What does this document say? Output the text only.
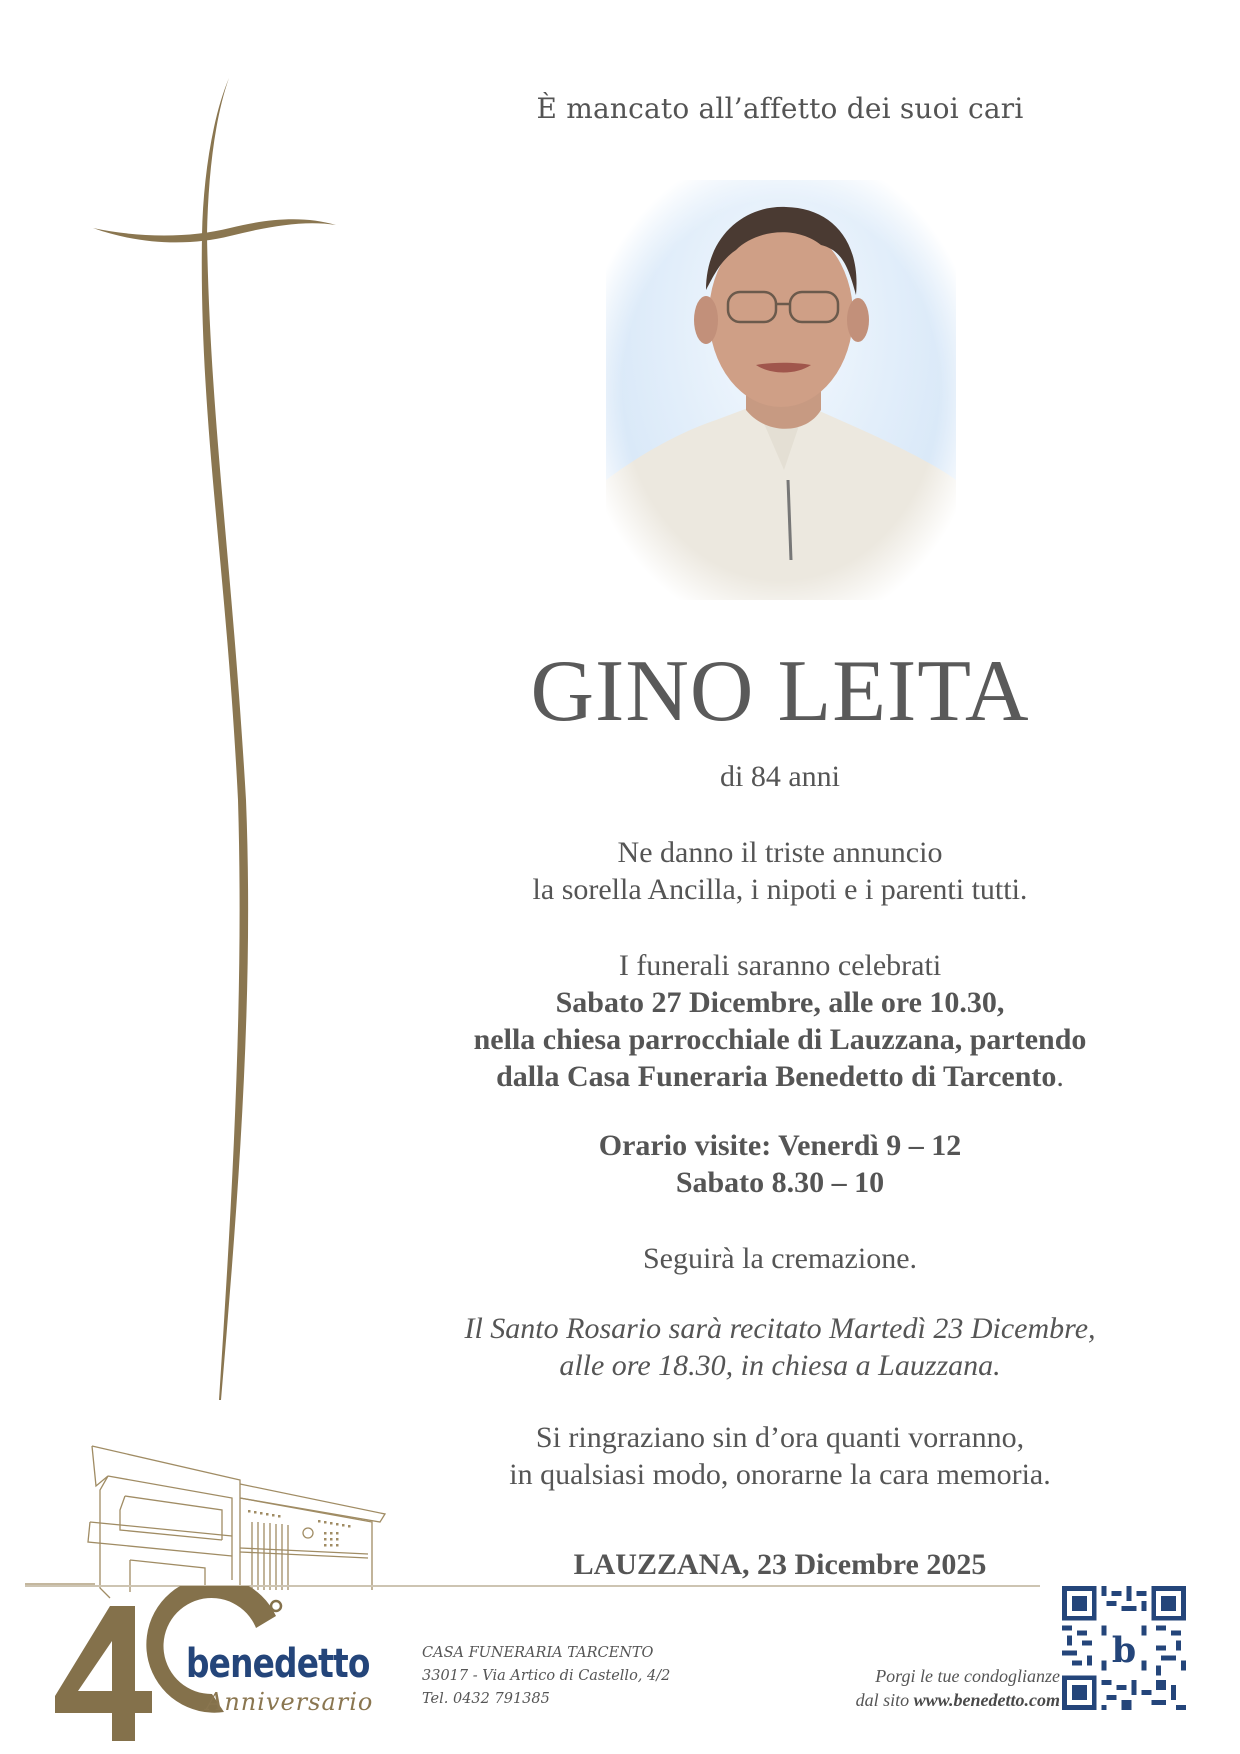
È mancato all’affetto dei suoi cari
GINO LEITA
di 84 anni
Ne danno il triste annuncio
la sorella Ancilla, i nipoti e i parenti tutti.
I funerali saranno celebrati
Sabato 27 Dicembre, alle ore 10.30,
nella chiesa parrocchiale di Lauzzana, partendo
dalla Casa Funeraria Benedetto di Tarcento.
Orario visite: Venerdì 9 – 12
Sabato 8.30 – 10
Seguirà la cremazione.
Il Santo Rosario sarà recitato Martedì 23 Dicembre,
alle ore 18.30, in chiesa a Lauzzana.
Si ringraziano sin d’ora quanti vorranno,
in qualsiasi modo, onorarne la cara memoria.
LAUZZANA, 23 Dicembre 2025
benedetto
Anniversario
CASA FUNERARIA TARCENTO
33017 - Via Artico di Castello, 4/2
Tel. 0432 791385
Porgi le tue condoglianze
dal sito www.benedetto.com
b
